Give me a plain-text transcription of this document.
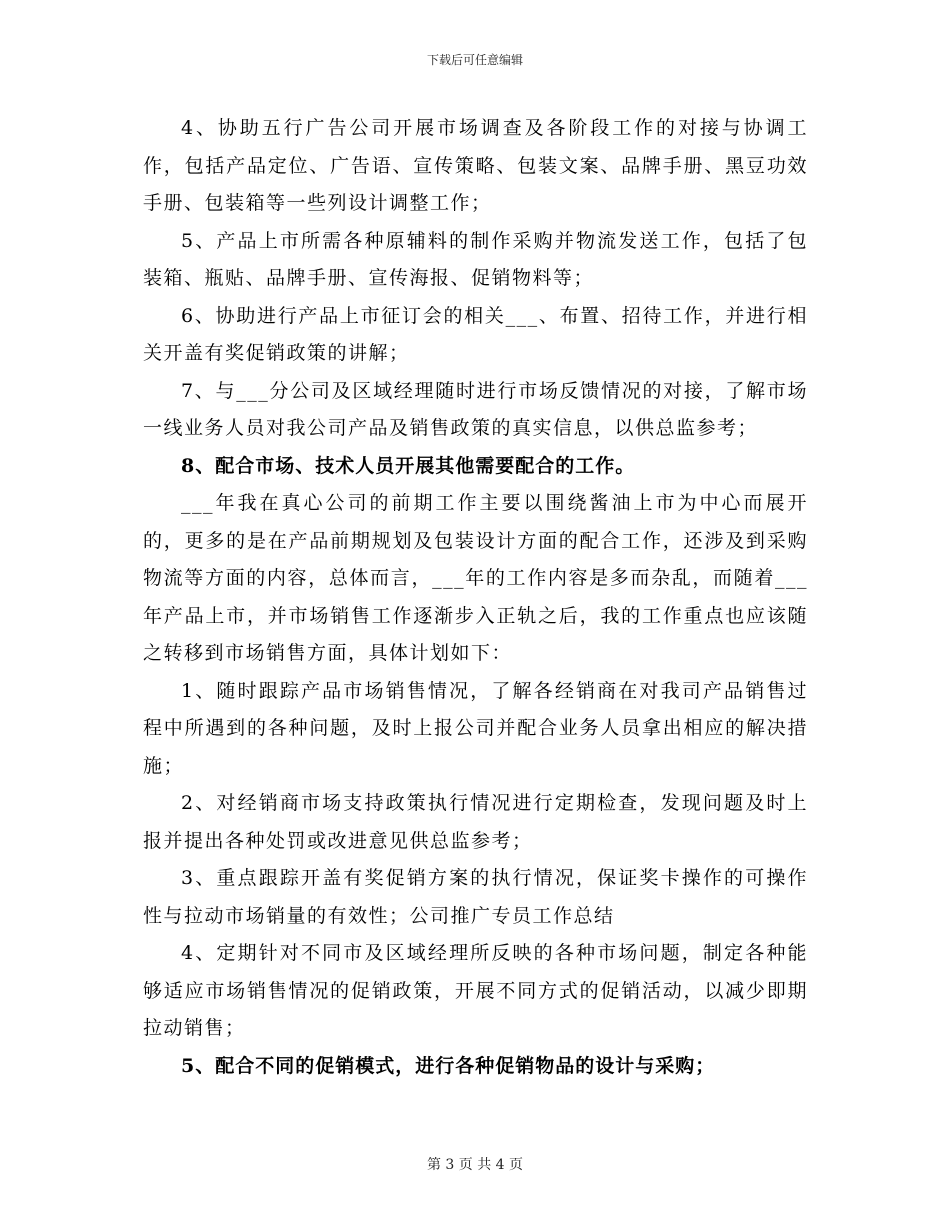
下载后可任意编辑

4、协助五行广告公司开展市场调查及各阶段工作的对接与协调工作，包括产品定位、广告语、宣传策略、包装文案、品牌手册、黑豆功效手册、包装箱等一些列设计调整工作；

5、产品上市所需各种原辅料的制作采购并物流发送工作，包括了包装箱、瓶贴、品牌手册、宣传海报、促销物料等；

6、协助进行产品上市征订会的相关___、布置、招待工作，并进行相关开盖有奖促销政策的讲解；

7、与___分公司及区域经理随时进行市场反馈情况的对接，了解市场一线业务人员对我公司产品及销售政策的真实信息，以供总监参考；

8、配合市场、技术人员开展其他需要配合的工作。

___年我在真心公司的前期工作主要以围绕酱油上市为中心而展开的，更多的是在产品前期规划及包装设计方面的配合工作，还涉及到采购物流等方面的内容，总体而言，___年的工作内容是多而杂乱，而随着___年产品上市，并市场销售工作逐渐步入正轨之后，我的工作重点也应该随之转移到市场销售方面，具体计划如下：

1、随时跟踪产品市场销售情况，了解各经销商在对我司产品销售过程中所遇到的各种问题，及时上报公司并配合业务人员拿出相应的解决措施；

2、对经销商市场支持政策执行情况进行定期检查，发现问题及时上报并提出各种处罚或改进意见供总监参考；

3、重点跟踪开盖有奖促销方案的执行情况，保证奖卡操作的可操作性与拉动市场销量的有效性；公司推广专员工作总结

4、定期针对不同市及区域经理所反映的各种市场问题，制定各种能够适应市场销售情况的促销政策，开展不同方式的促销活动，以减少即期拉动销售；

5、配合不同的促销模式，进行各种促销物品的设计与采购；

第 3 页 共 4 页
